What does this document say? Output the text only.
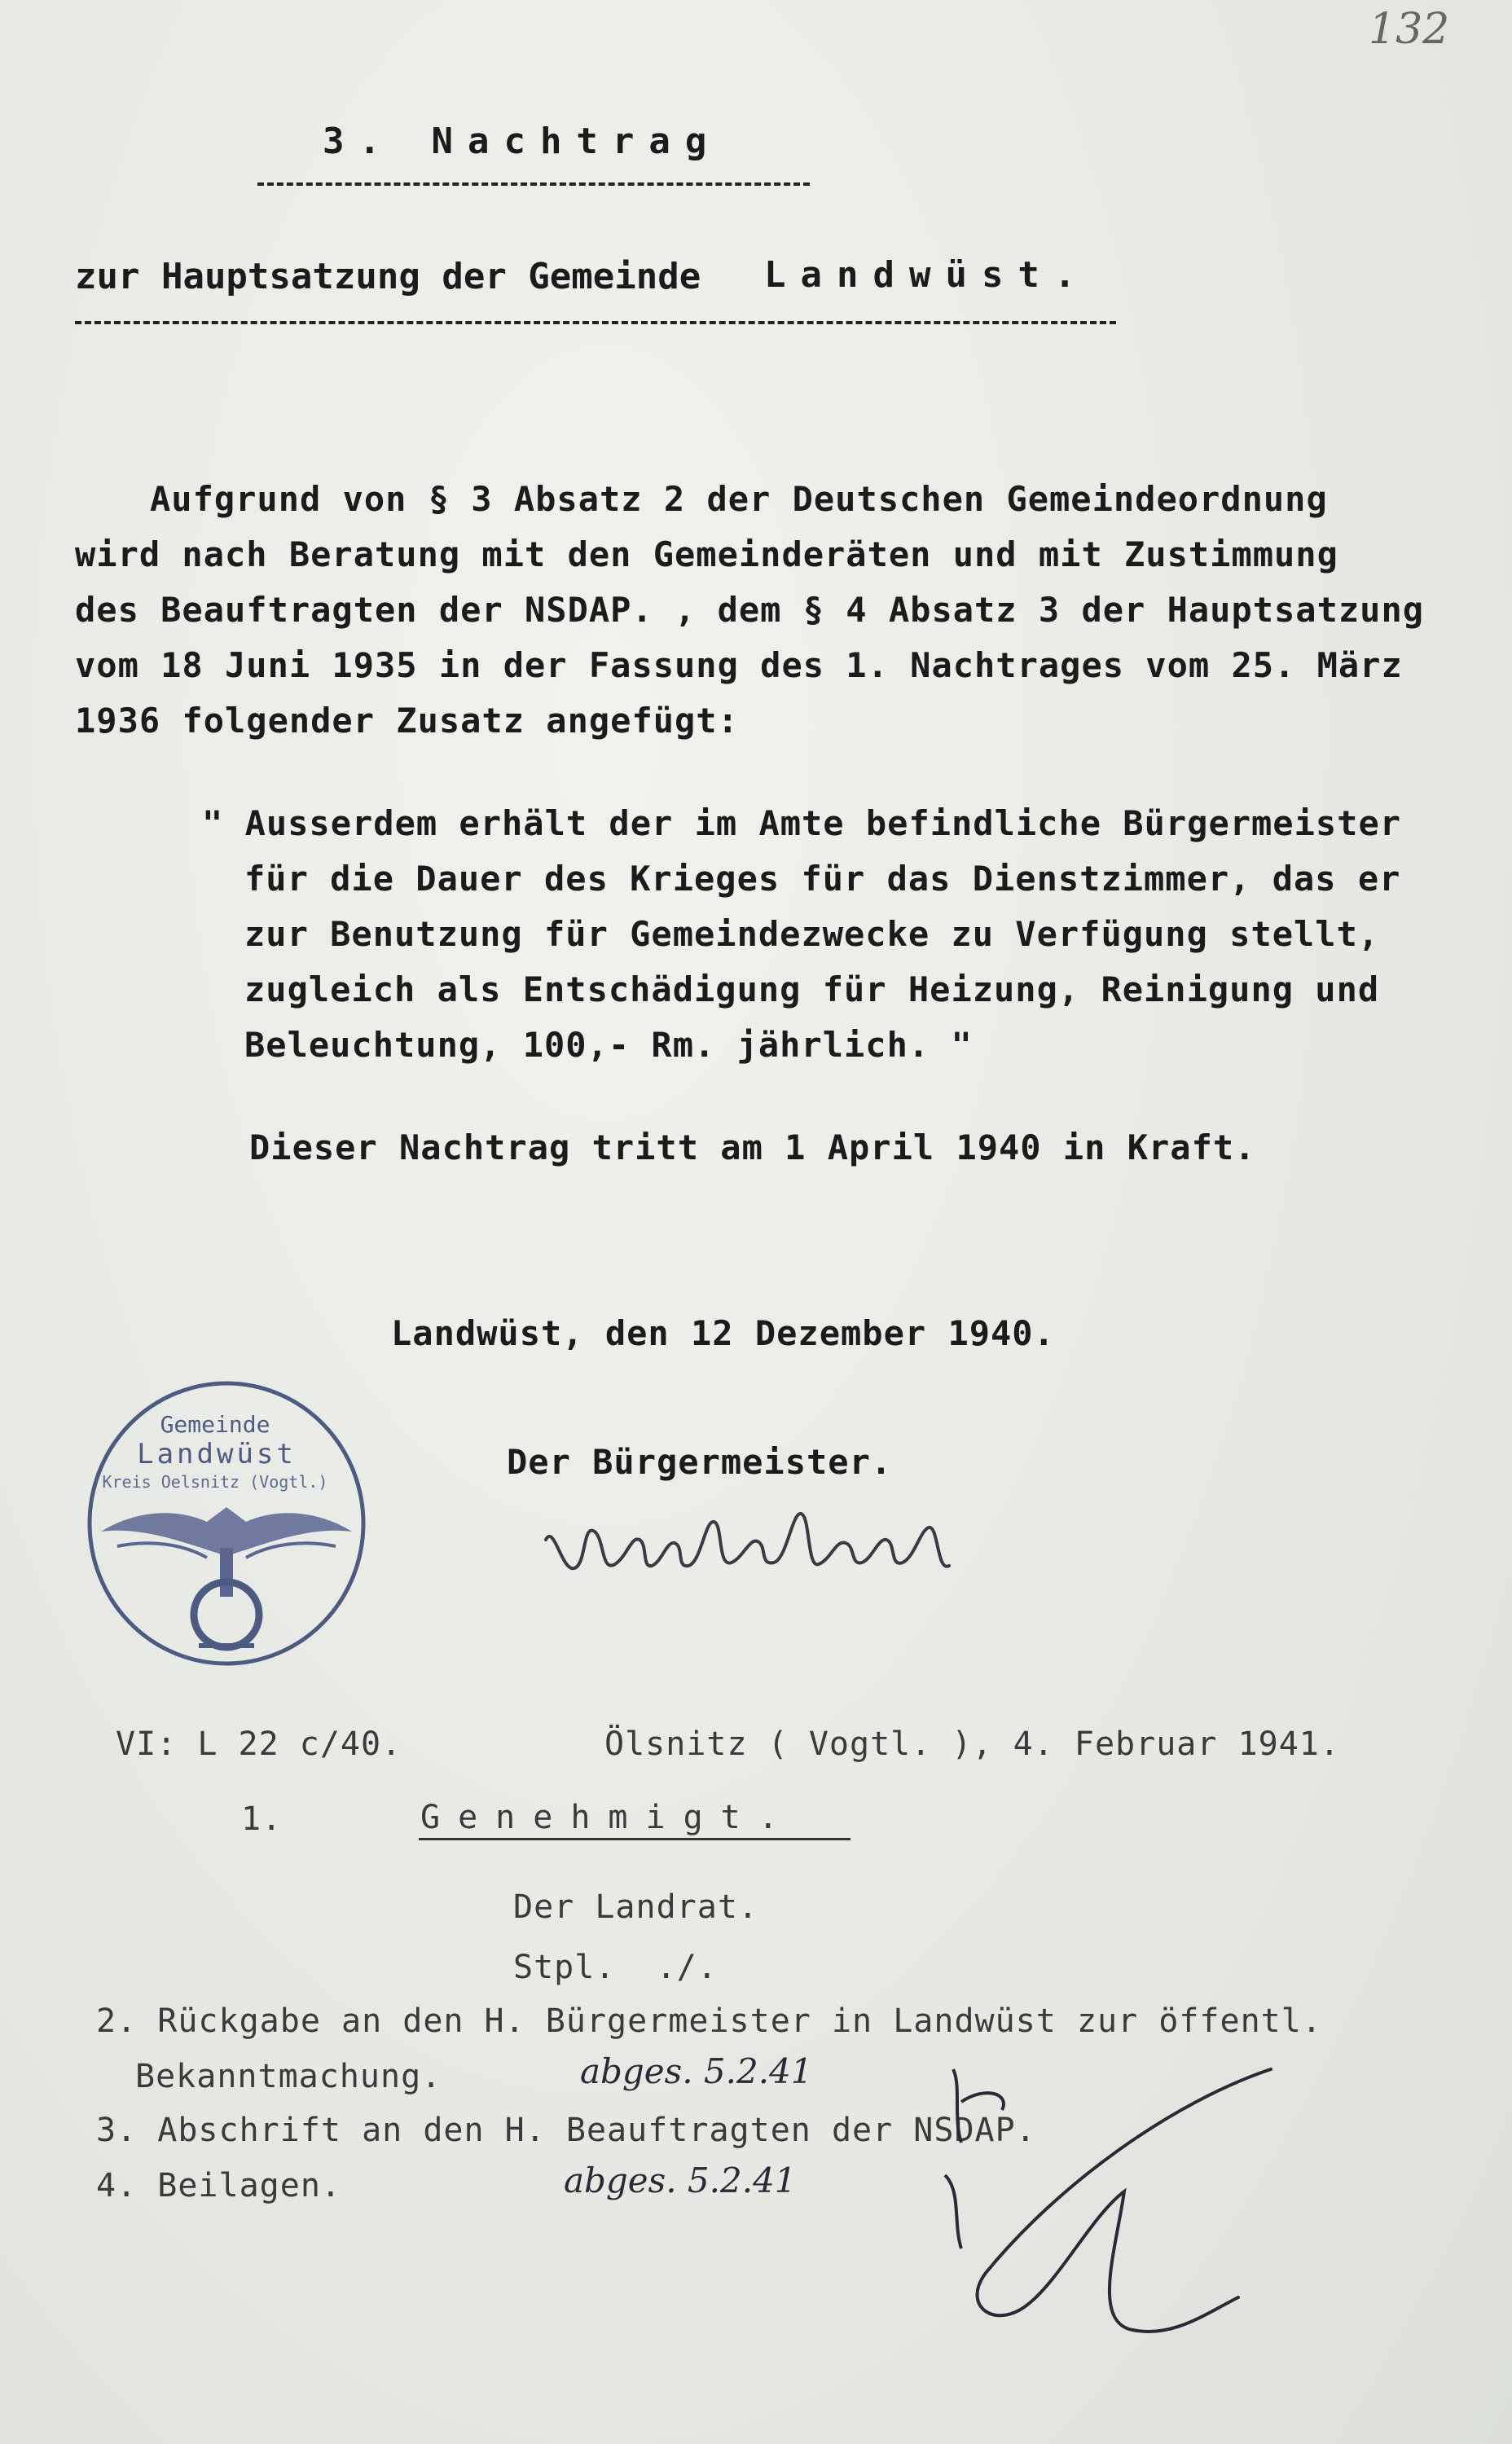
132
3. Nachtrag
zur Hauptsatzung der Gemeinde Landwüst.
Aufgrund von § 3 Absatz 2 der Deutschen Gemeindeordnung
wird nach Beratung mit den Gemeinderäten und mit Zustimmung
des Beauftragten der NSDAP. , dem § 4 Absatz 3 der Hauptsatzung
vom 18 Juni 1935 in der Fassung des 1. Nachtrages vom 25. März
1936 folgender Zusatz angefügt:
" Ausserdem erhält der im Amte befindliche Bürgermeister
für die Dauer des Krieges für das Dienstzimmer, das er
zur Benutzung für Gemeindezwecke zu Verfügung stellt,
zugleich als Entschädigung für Heizung, Reinigung und
Beleuchtung, 100,- Rm. jährlich. "
Dieser Nachtrag tritt am 1 April 1940 in Kraft.
Landwüst, den 12 Dezember 1940.
Der Bürgermeister.
Gemeinde
Landwüst
Kreis Oelsnitz (Vogtl.)
VI: L 22 c/40.	Ölsnitz ( Vogtl. ), 4. Februar 1941.
1.	Genehmigt.
Der Landrat.
Stpl.  ./.
2. Rückgabe an den H. Bürgermeister in Landwüst zur öffentl.
Bekanntmachung.
3. Abschrift an den H. Beauftragten der NSDAP.
4. Beilagen.
abges. 5.2.41
abges. 5.2.41
